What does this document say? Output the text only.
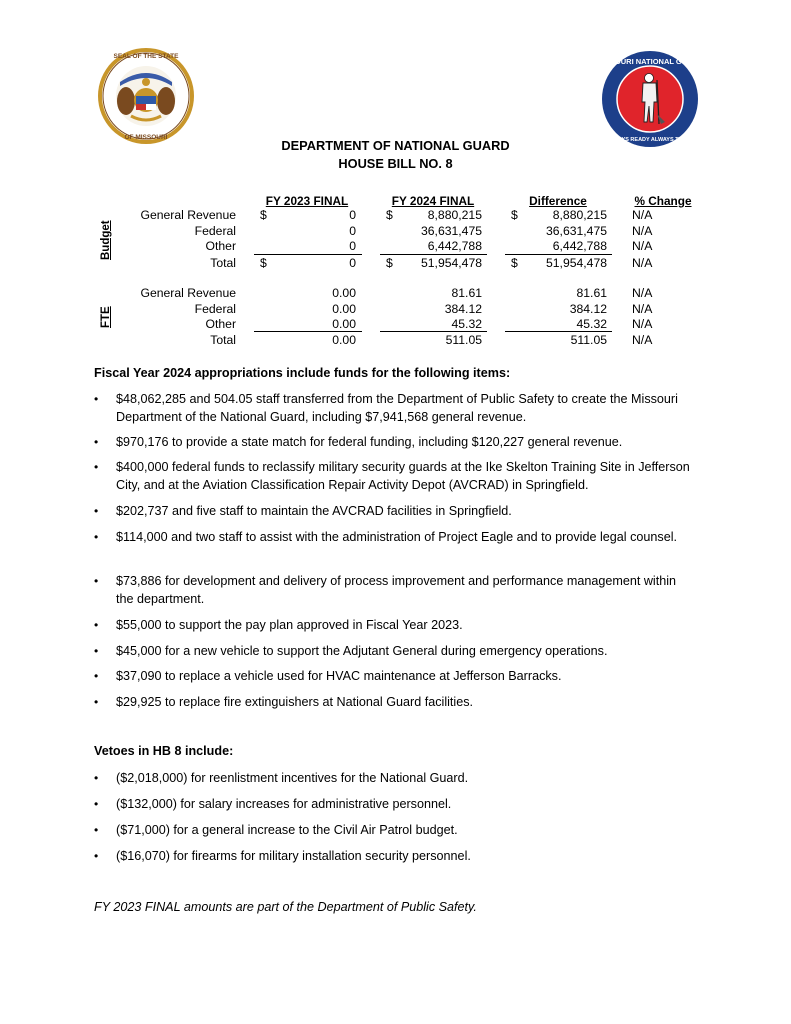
SEAL OF THE STATE
OF MISSOURI
MISSOURI NATIONAL GUARD
ALWAYS READY ALWAYS THERE
DEPARTMENT OF NATIONAL GUARD
HOUSE BILL NO. 8
FY 2023 FINAL	FY 2024 FINAL	Difference	% Change
Budget
FTE
General Revenue $	0 $	8,880,215 $	8,880,215 N/A
Federal	0	36,631,475	36,631,475 N/A
Other	0	6,442,788	6,442,788 N/A
Total $	0 $	51,954,478 $	51,954,478 N/A
General Revenue	0.00	81.61	81.61 N/A
Federal	0.00	384.12	384.12 N/A
Other	0.00	45.32	45.32 N/A
Total	0.00	511.05	511.05 N/A
Fiscal Year 2024 appropriations include funds for the following items:
• $48,062,285 and 504.05 staff transferred from the Department of Public Safety to create the Missouri Department of the National Guard, including $7,941,568 general revenue.
• $970,176 to provide a state match for federal funding, including $120,227 general revenue.
• $400,000 federal funds to reclassify military security guards at the Ike Skelton Training Site in Jefferson City, and at the Aviation Classification Repair Activity Depot (AVCRAD) in Springfield.
• $202,737 and five staff to maintain the AVCRAD facilities in Springfield.
• $114,000 and two staff to assist with the administration of Project Eagle and to provide legal counsel.
• $73,886 for development and delivery of process improvement and performance management within the department.
• $55,000 to support the pay plan approved in Fiscal Year 2023.
• $45,000 for a new vehicle to support the Adjutant General during emergency operations.
• $37,090 to replace a vehicle used for HVAC maintenance at Jefferson Barracks.
• $29,925 to replace fire extinguishers at National Guard facilities.
Vetoes in HB 8 include:
• ($2,018,000) for reenlistment incentives for the National Guard.
• ($132,000) for salary increases for administrative personnel.
• ($71,000) for a general increase to the Civil Air Patrol budget.
• ($16,070) for firearms for military installation security personnel.
FY 2023 FINAL amounts are part of the Department of Public Safety.
